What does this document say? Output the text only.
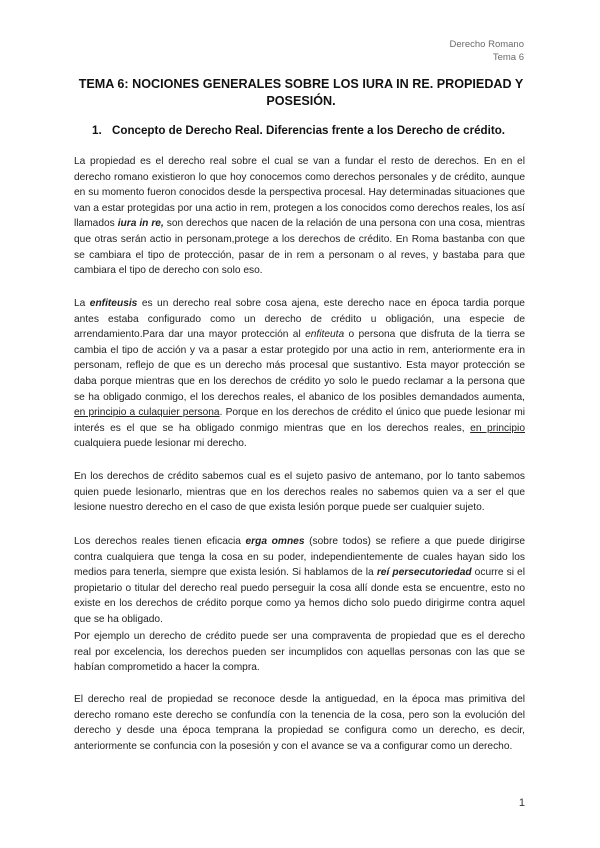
Derecho Romano
Tema 6
TEMA 6: NOCIONES GENERALES SOBRE LOS IURA IN RE. PROPIEDAD Y POSESIÓN.
1. Concepto de Derecho Real. Diferencias frente a los Derecho de crédito.

La propiedad es el derecho real sobre el cual se van a fundar el resto de derechos. En en el derecho romano existieron lo que hoy conocemos como derechos personales y de crédito, aunque en su momento fueron conocidos desde la perspectiva procesal. Hay determinadas situaciones que van a estar protegidas por una actio in rem, protegen a los conocidos como derechos reales, los así llamados iura in re, son derechos que nacen de la relación de una persona con una cosa, mientras que otras serán actio in personam,protege a los derechos de crédito. En Roma bastanba con que se cambiara el tipo de protección, pasar de in rem a personam o al reves, y bastaba para que cambiara el tipo de derecho con solo eso.

La enfiteusis es un derecho real sobre cosa ajena, este derecho nace en época tardia porque antes estaba configurado como un derecho de crédito u obligación, una especie de arrendamiento.Para dar una mayor protección al enfiteuta o persona que disfruta de la tierra se cambia el tipo de acción y va a pasar a estar protegido por una actio in rem, anteriormente era in personam, reflejo de que es un derecho más procesal que sustantivo. Esta mayor protección se daba porque mientras que en los derechos de crédito yo solo le puedo reclamar a la persona que se ha obligado conmigo, el los derechos reales, el abanico de los posibles demandados aumenta, en principio a culaquier persona. Porque en los derechos de crédito el único que puede lesionar mi interés es el que se ha obligado conmigo mientras que en los derechos reales, en principio cualquiera puede lesionar mi derecho.

En los derechos de crédito sabemos cual es el sujeto pasivo de antemano, por lo tanto sabemos quien puede lesionarlo, mientras que en los derechos reales no sabemos quien va a ser el que lesione nuestro derecho en el caso de que exista lesión porque puede ser cualquier sujeto.

Los derechos reales tienen eficacia erga omnes (sobre todos) se refiere a que puede dirigirse contra cualquiera que tenga la cosa en su poder, independientemente de cuales hayan sido los medios para tenerla, siempre que exista lesión. Si hablamos de la reí persecutoriedad ocurre si el propietario o titular del derecho real puedo perseguir la cosa allí donde esta se encuentre, esto no existe en los derechos de crédito porque como ya hemos dicho solo puedo dirigirme contra aquel que se ha obligado.

Por ejemplo un derecho de crédito puede ser una compraventa de propiedad que es el derecho real por excelencia, los derechos pueden ser incumplidos con aquellas personas con las que se habían comprometido a hacer la compra.

El derecho real de propiedad se reconoce desde la antiguedad, en la época mas primitiva del derecho romano este derecho se confundía con la tenencia de la cosa, pero son la evolución del derecho y desde una época temprana la propiedad se configura como un derecho, es decir, anteriormente se confuncia con la posesión y con el avance se va a configurar como un derecho.

1
